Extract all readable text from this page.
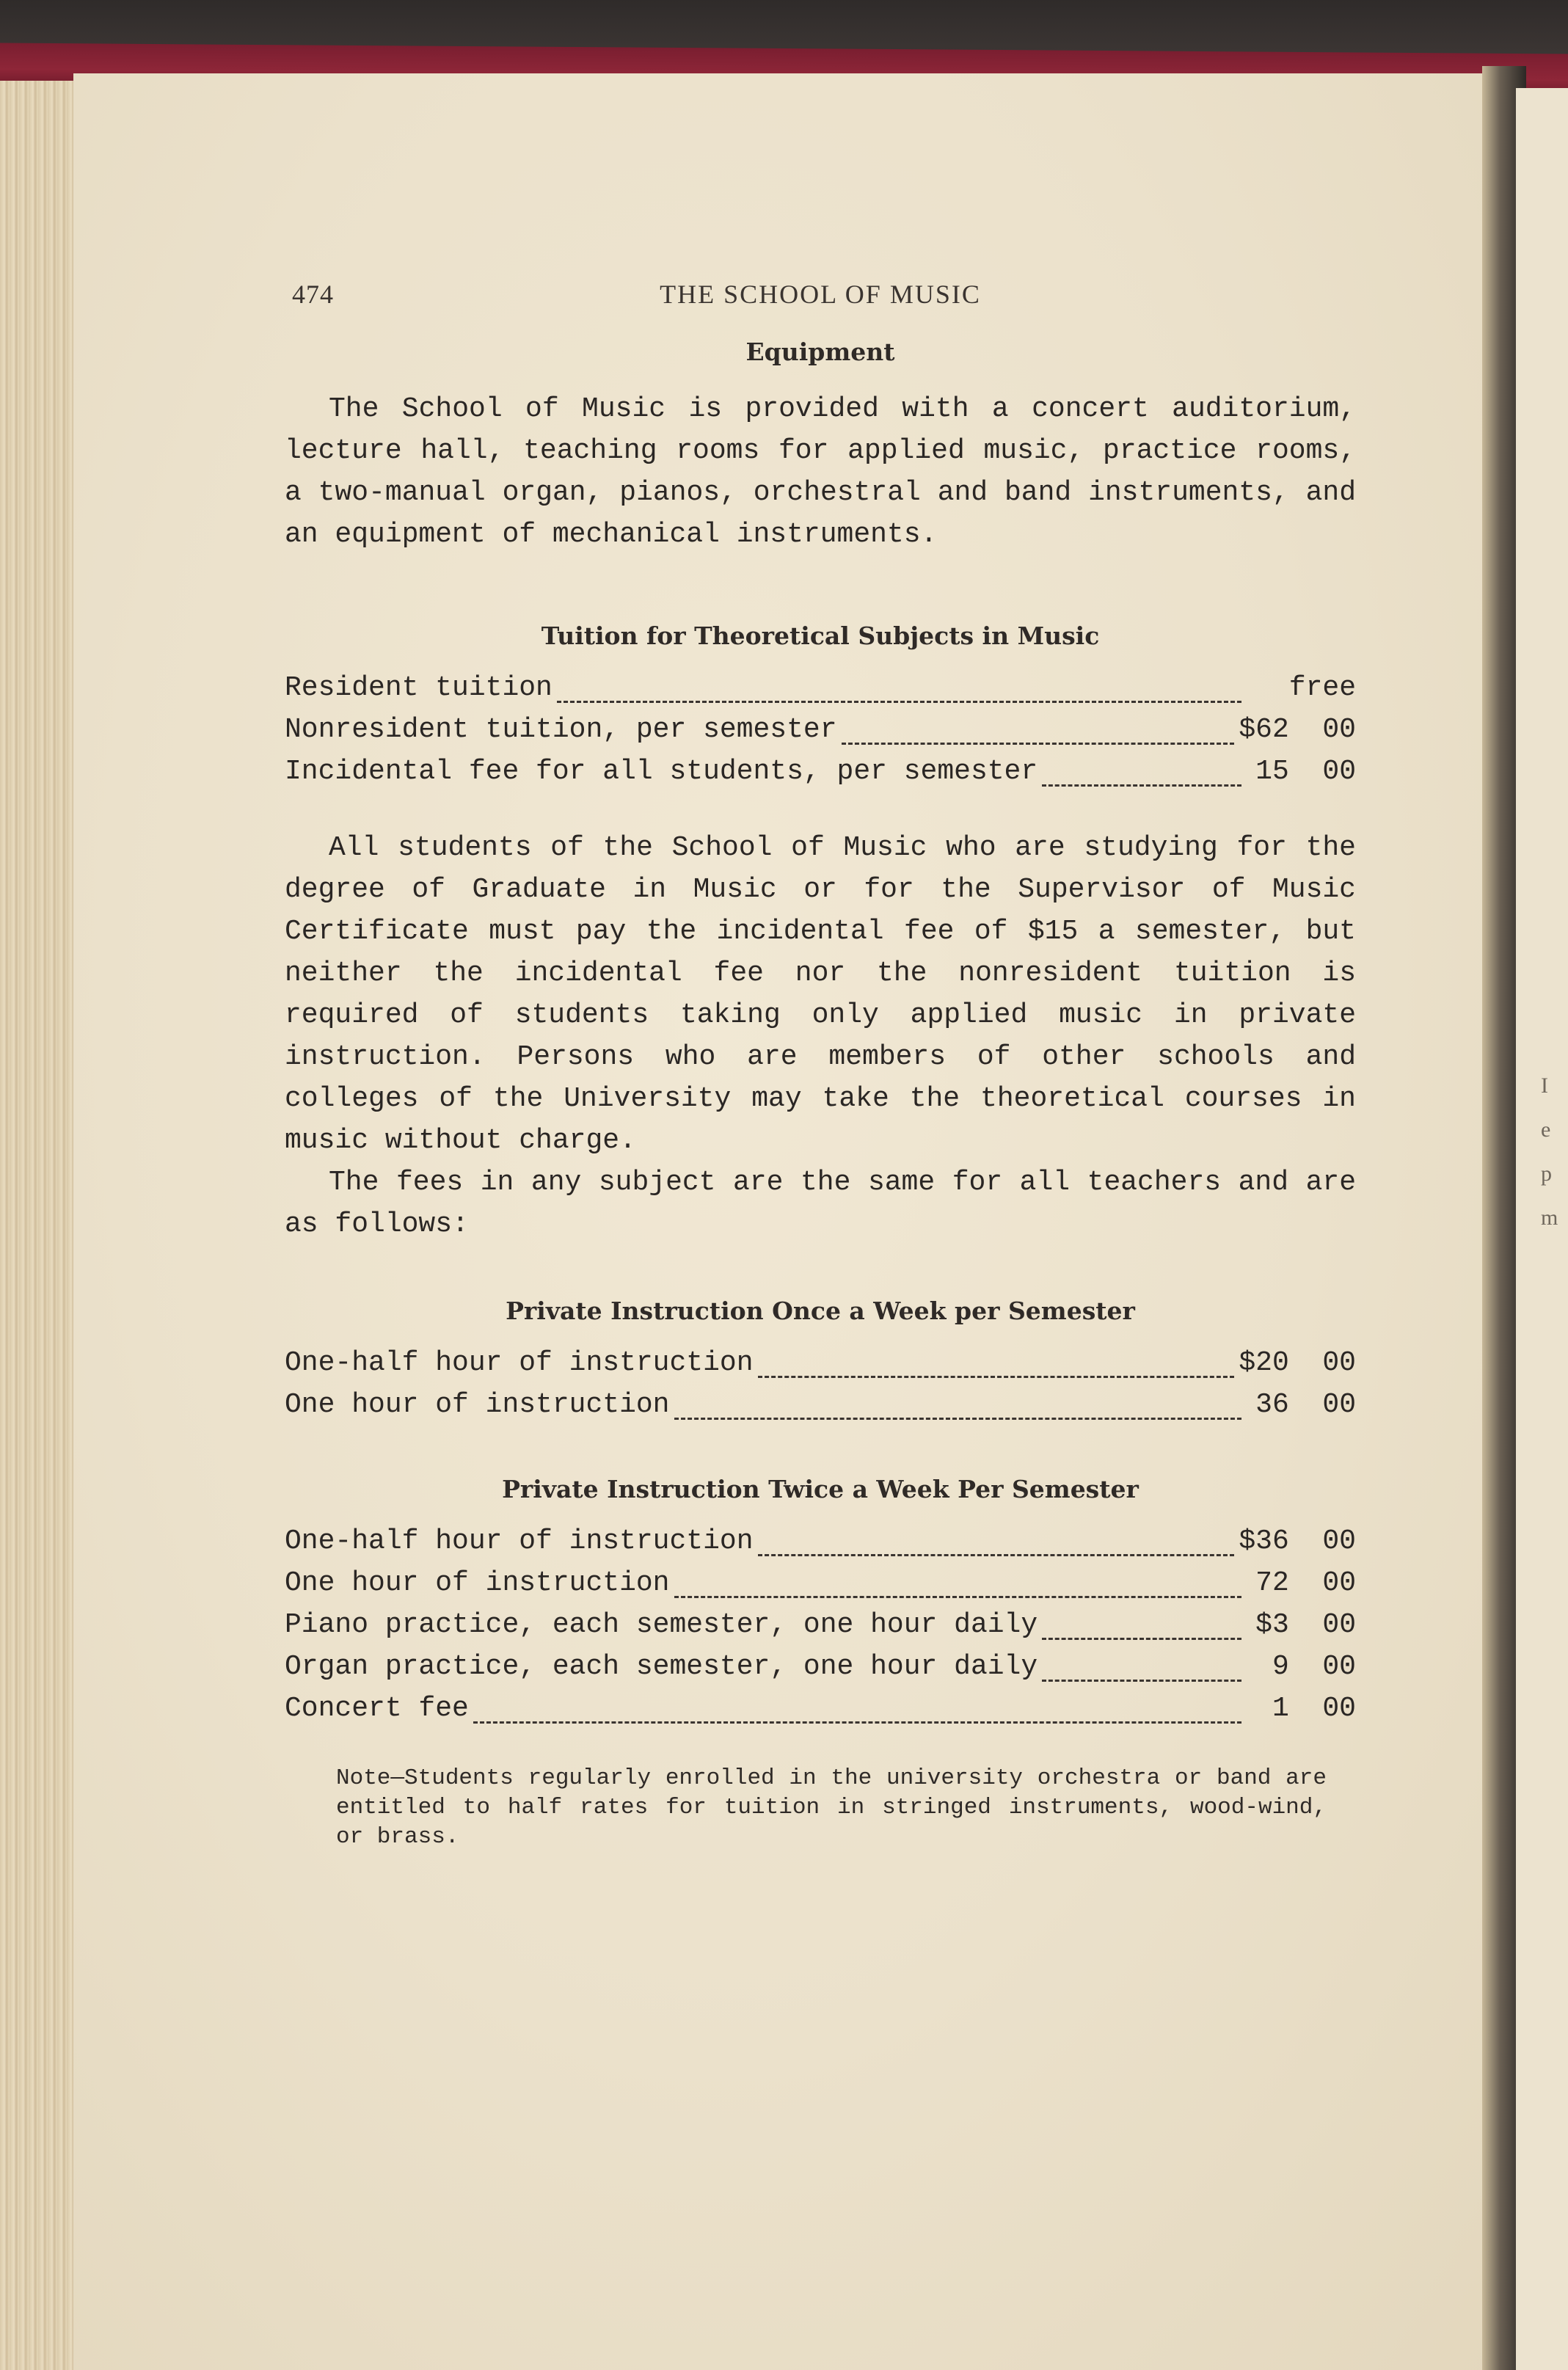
474	THE SCHOOL OF MUSIC
Equipment

The School of Music is provided with a concert auditorium, lecture hall, teaching rooms for applied music, practice rooms, a two-manual organ, pianos, orchestral and band instruments, and an equipment of mechanical instruments.

Tuition for Theoretical Subjects in Music
Resident tuition	free
Nonresident tuition, per semester	$62  00
Incidental fee for all students, per semester	15  00

All students of the School of Music who are studying for the degree of Graduate in Music or for the Supervisor of Music Certificate must pay the incidental fee of $15 a semester, but neither the incidental fee nor the nonresident tuition is required of students taking only applied music in private instruction. Persons who are members of other schools and colleges of the University may take the theoretical courses in music without charge.

The fees in any subject are the same for all teachers and are as follows:

Private Instruction Once a Week per Semester
One-half hour of instruction	$20  00
One hour of instruction	36  00
Private Instruction Twice a Week Per Semester
One-half hour of instruction	$36  00
One hour of instruction	72  00
Piano practice, each semester, one hour daily	$3  00
Organ practice, each semester, one hour daily	9  00
Concert fee	1  00

Note—Students regularly enrolled in the university orchestra or band are entitled to half rates for tuition in stringed instruments, wood-wind, or brass.

I
e
p
m
